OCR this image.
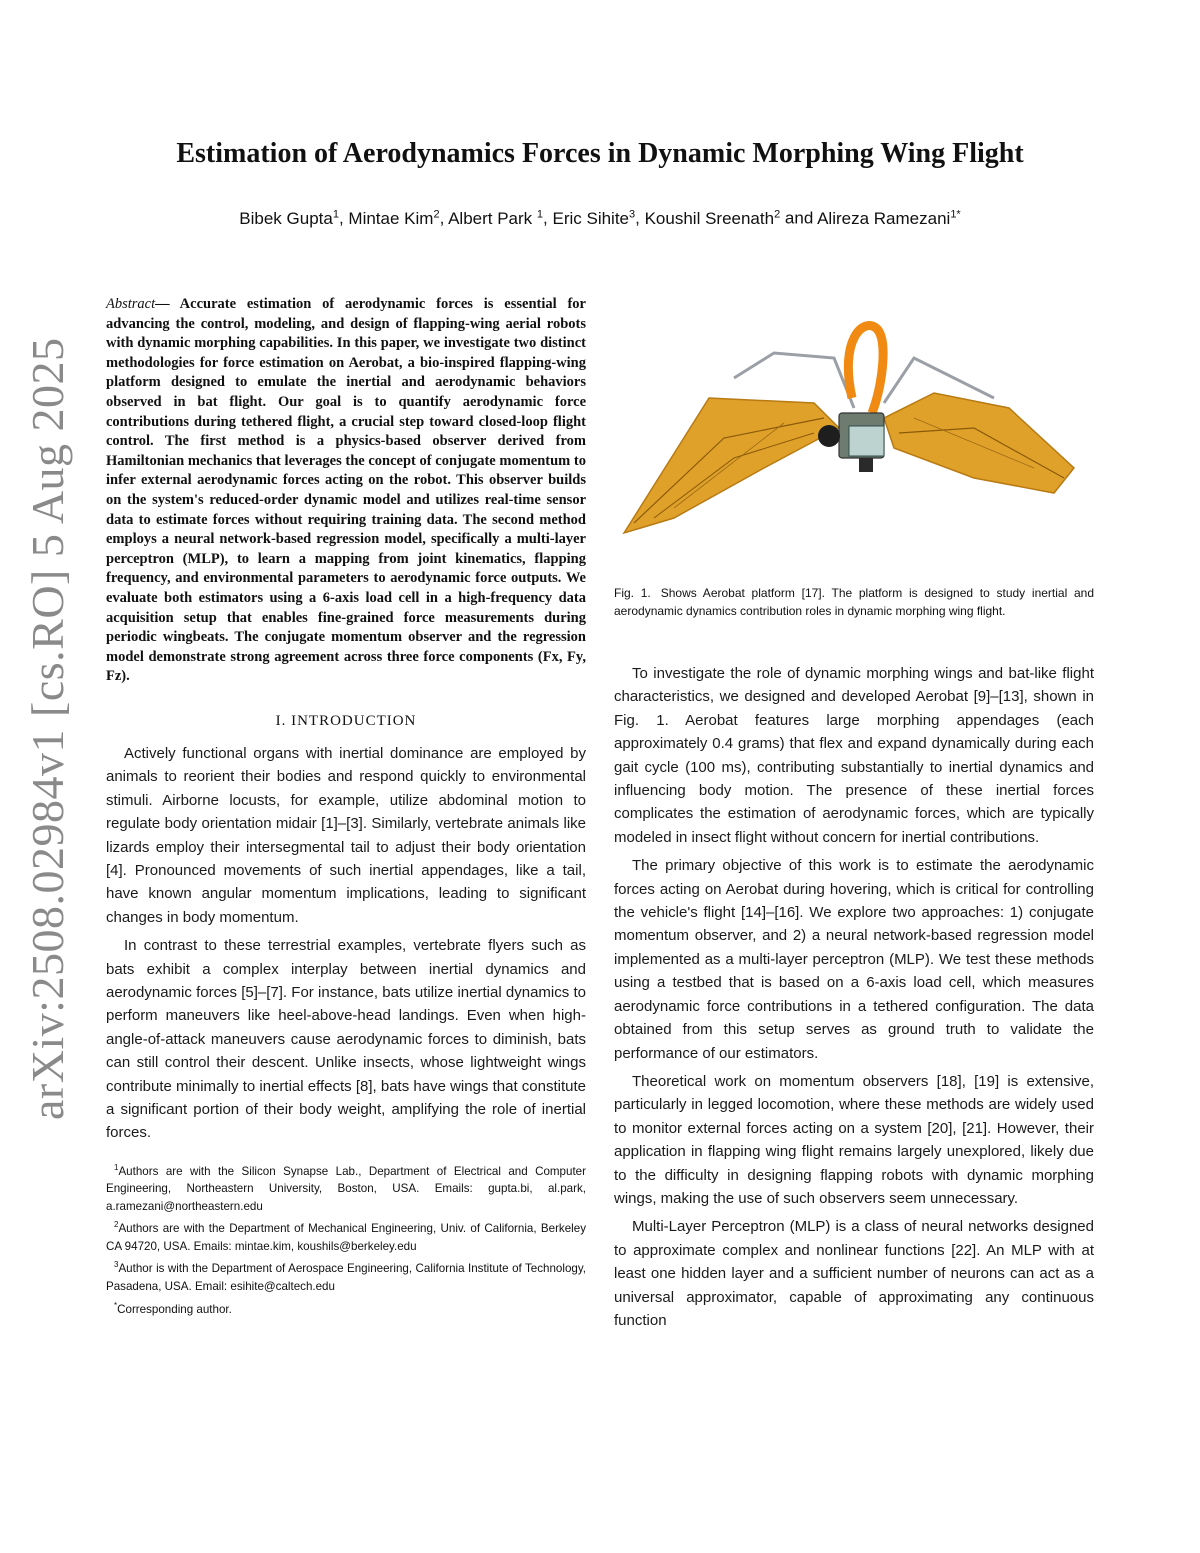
arXiv:2508.02984v1 [cs.RO] 5 Aug 2025
Estimation of Aerodynamics Forces in Dynamic Morphing Wing Flight
Bibek Gupta$^1$, Mintae Kim$^2$, Albert Park $^1$, Eric Sihite$^3$, Koushil Sreenath$^2$ and Alireza Ramezani$^{1*}$

Abstract— Accurate estimation of aerodynamic forces is essential for advancing the control, modeling, and design of flapping-wing aerial robots with dynamic morphing capabilities. In this paper, we investigate two distinct methodologies for force estimation on Aerobat, a bio-inspired flapping-wing platform designed to emulate the inertial and aerodynamic behaviors observed in bat flight. Our goal is to quantify aerodynamic force contributions during tethered flight, a crucial step toward closed-loop flight control. The first method is a physics-based observer derived from Hamiltonian mechanics that leverages the concept of conjugate momentum to infer external aerodynamic forces acting on the robot. This observer builds on the system's reduced-order dynamic model and utilizes real-time sensor data to estimate forces without requiring training data. The second method employs a neural network-based regression model, specifically a multi-layer perceptron (MLP), to learn a mapping from joint kinematics, flapping frequency, and environmental parameters to aerodynamic force outputs. We evaluate both estimators using a 6-axis load cell in a high-frequency data acquisition setup that enables fine-grained force measurements during periodic wingbeats. The conjugate momentum observer and the regression model demonstrate strong agreement across three force components (Fx, Fy, Fz).

I. INTRODUCTION

Actively functional organs with inertial dominance are employed by animals to reorient their bodies and respond quickly to environmental stimuli. Airborne locusts, for example, utilize abdominal motion to regulate body orientation midair [1]–[3]. Similarly, vertebrate animals like lizards employ their intersegmental tail to adjust their body orientation [4]. Pronounced movements of such inertial appendages, like a tail, have known angular momentum implications, leading to significant changes in body momentum.

In contrast to these terrestrial examples, vertebrate flyers such as bats exhibit a complex interplay between inertial dynamics and aerodynamic forces [5]–[7]. For instance, bats utilize inertial dynamics to perform maneuvers like heel-above-head landings. Even when high-angle-of-attack maneuvers cause aerodynamic forces to diminish, bats can still control their descent. Unlike insects, whose lightweight wings contribute minimally to inertial effects [8], bats have wings that constitute a significant portion of their body weight, amplifying the role of inertial forces.

$^1$Authors are with the Silicon Synapse Lab., Department of Electrical and Computer Engineering, Northeastern University, Boston, USA. Emails: gupta.bi, al.park, a.ramezani@northeastern.edu

$^2$Authors are with the Department of Mechanical Engineering, Univ. of California, Berkeley CA 94720, USA. Emails: mintae.kim, koushils@berkeley.edu

$^3$Author is with the Department of Aerospace Engineering, California Institute of Technology, Pasadena, USA. Email: esihite@caltech.edu

*Corresponding author.

Fig. 1. Shows Aerobat platform [17]. The platform is designed to study inertial and aerodynamic dynamics contribution roles in dynamic morphing wing flight.

To investigate the role of dynamic morphing wings and bat-like flight characteristics, we designed and developed Aerobat [9]–[13], shown in Fig. 1. Aerobat features large morphing appendages (each approximately 0.4 grams) that flex and expand dynamically during each gait cycle (100 ms), contributing substantially to inertial dynamics and influencing body motion. The presence of these inertial forces complicates the estimation of aerodynamic forces, which are typically modeled in insect flight without concern for inertial contributions.

The primary objective of this work is to estimate the aerodynamic forces acting on Aerobat during hovering, which is critical for controlling the vehicle's flight [14]–[16]. We explore two approaches: 1) conjugate momentum observer, and 2) a neural network-based regression model implemented as a multi-layer perceptron (MLP). We test these methods using a testbed that is based on a 6-axis load cell, which measures aerodynamic force contributions in a tethered configuration. The data obtained from this setup serves as ground truth to validate the performance of our estimators.

Theoretical work on momentum observers [18], [19] is extensive, particularly in legged locomotion, where these methods are widely used to monitor external forces acting on a system [20], [21]. However, their application in flapping wing flight remains largely unexplored, likely due to the difficulty in designing flapping robots with dynamic morphing wings, making the use of such observers seem unnecessary.

Multi-Layer Perceptron (MLP) is a class of neural networks designed to approximate complex and nonlinear functions [22]. An MLP with at least one hidden layer and a sufficient number of neurons can act as a universal approximator, capable of approximating any continuous function
